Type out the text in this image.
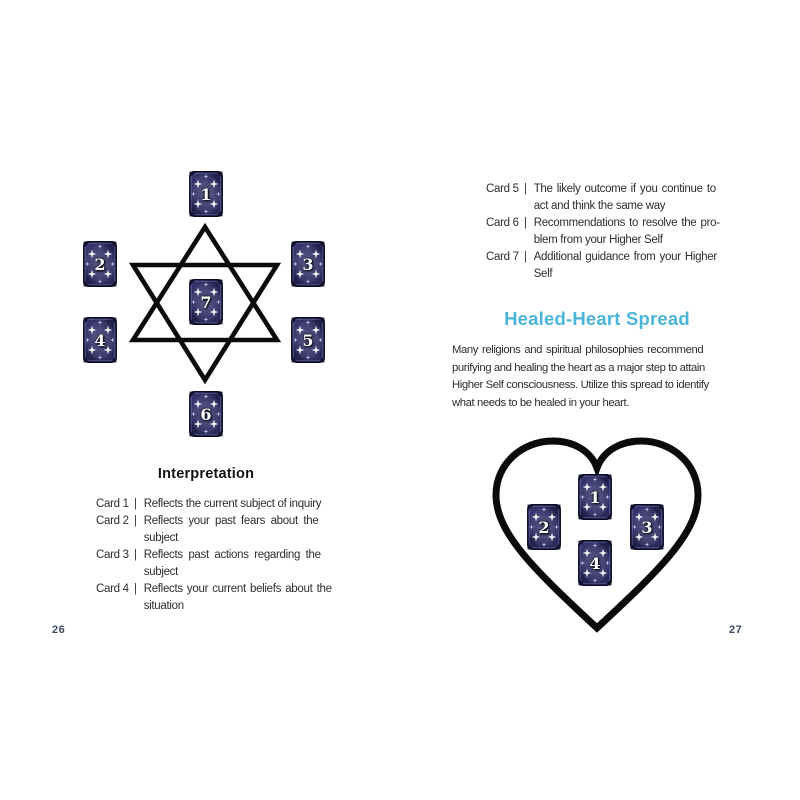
1
2	3
4	5
6
7
Interpretation
Card 1 | Reflects the current subject of inquiry
Card 2 | Reflects your past fears about the
subject
Card 3 | Reflects past actions regarding the
subject
Card 4 | Reflects your current beliefs about the
situation
26
Card 5 | The likely outcome if you continue to
act and think the same way
Card 6 | Recommendations to resolve the pro-
blem from your Higher Self
Card 7 | Additional guidance from your Higher
Self
Healed-Heart Spread
Many religions and spiritual philosophies recommend
purifying and healing the heart as a major step to attain
Higher Self consciousness. Utilize this spread to identify
what needs to be healed in your heart.
1
2	3
4
27
